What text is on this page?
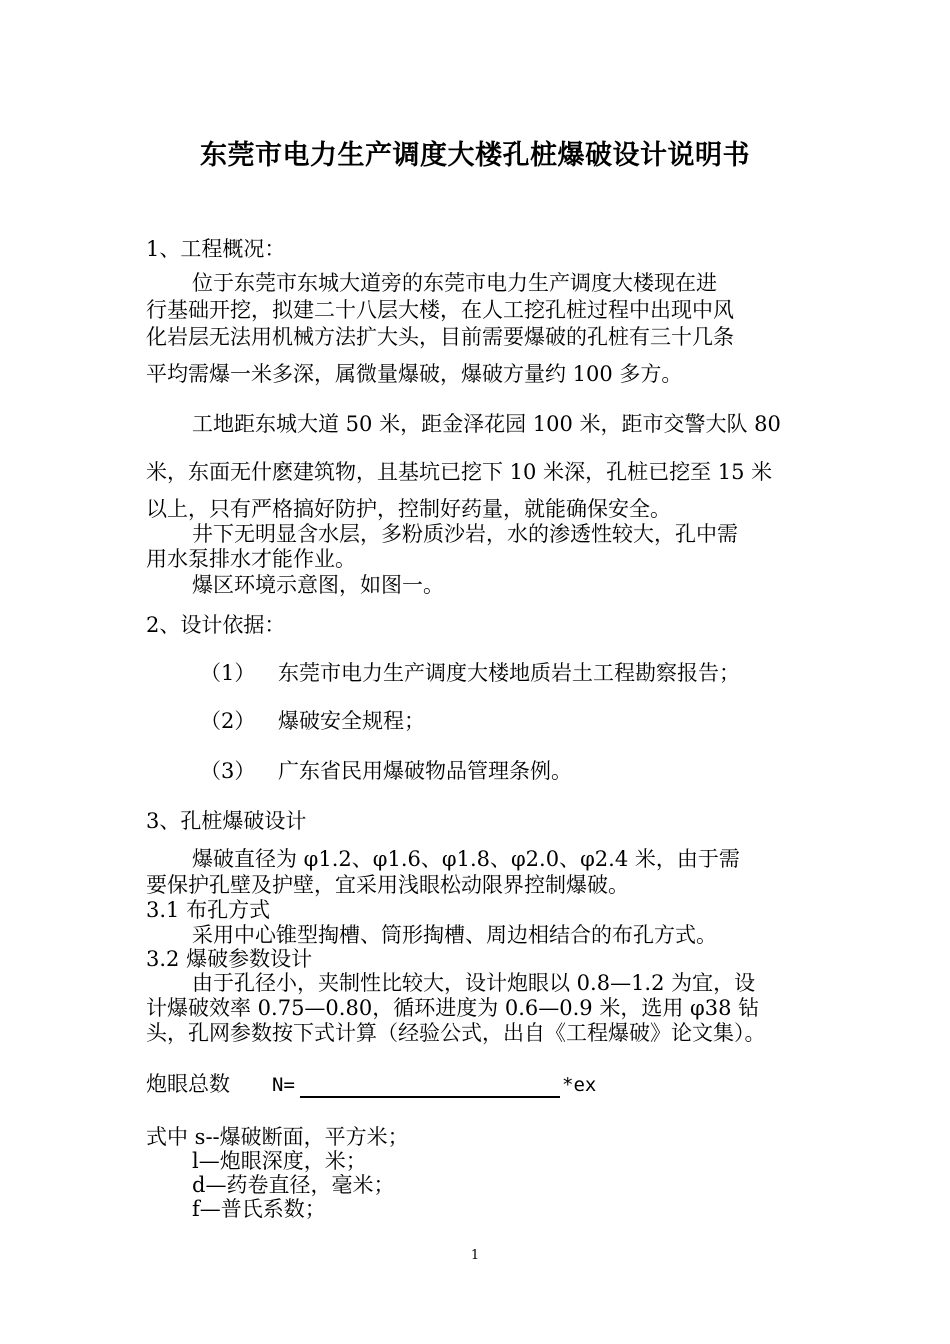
东莞市电力生产调度大楼孔桩爆破设计说明书
1、工程概况：
位于东莞市东城大道旁的东莞市电力生产调度大楼现在进
行基础开挖，拟建二十八层大楼，在人工挖孔桩过程中出现中风
化岩层无法用机械方法扩大头，目前需要爆破的孔桩有三十几条
平均需爆一米多深，属微量爆破，爆破方量约 100 多方。
工地距东城大道 50 米，距金泽花园 100 米，距市交警大队 80
米，东面无什麽建筑物，且基坑已挖下 10 米深，孔桩已挖至 15 米
以上，只有严格搞好防护，控制好药量，就能确保安全。
井下无明显含水层，多粉质沙岩，水的渗透性较大，孔中需
用水泵排水才能作业。
爆区环境示意图，如图一。
2、设计依据：
（1） 东莞市电力生产调度大楼地质岩土工程勘察报告；
（2） 爆破安全规程；
（3） 广东省民用爆破物品管理条例。
3、孔桩爆破设计
爆破直径为 φ1.2、φ1.6、φ1.8、φ2.0、φ2.4 米，由于需
要保护孔壁及护壁，宜采用浅眼松动限界控制爆破。
3.1 布孔方式
采用中心锥型掏槽、筒形掏槽、周边相结合的布孔方式。
3.2 爆破参数设计
由于孔径小，夹制性比较大，设计炮眼以 0.8—1.2 为宜，设
计爆破效率 0.75—0.80，循环进度为 0.6—0.9 米，选用 φ38 钻
头，孔网参数按下式计算（经验公式，出自《工程爆破》论文集）。
炮眼总数 N=	*ex
式中 s--爆破断面，平方米；
l—炮眼深度，米；
d—药卷直径，毫米；
f—普氏系数；
1
